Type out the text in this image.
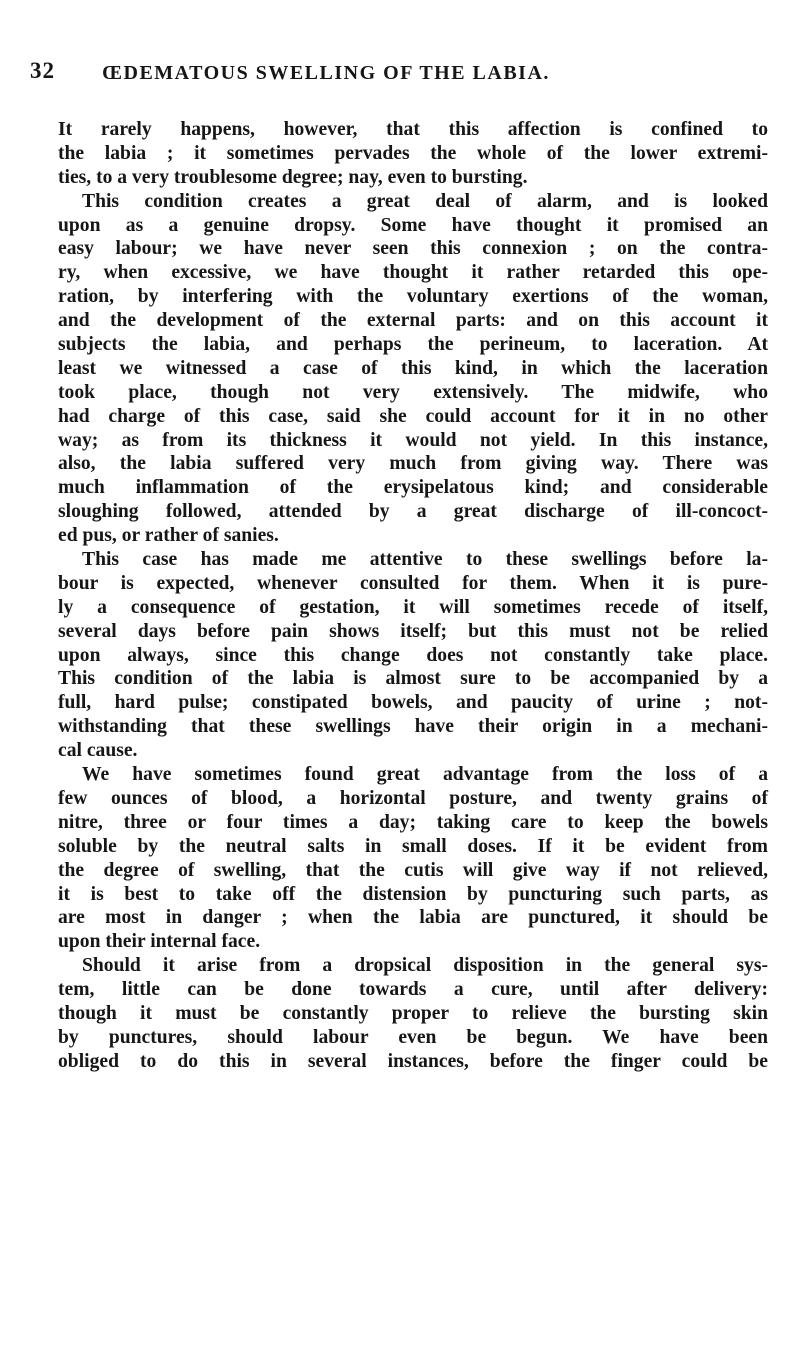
32 ŒDEMATOUS SWELLING OF THE LABIA.
It rarely happens, however, that this affection is confined to
the labia ; it sometimes pervades the whole of the lower extremi-
ties, to a very troublesome degree; nay, even to bursting.
This condition creates a great deal of alarm, and is looked
upon as a genuine dropsy. Some have thought it promised an
easy labour; we have never seen this connexion ; on the contra-
ry, when excessive, we have thought it rather retarded this ope-
ration, by interfering with the voluntary exertions of the woman,
and the development of the external parts: and on this account it
subjects the labia, and perhaps the perineum, to laceration. At
least we witnessed a case of this kind, in which the laceration
took place, though not very extensively. The midwife, who
had charge of this case, said she could account for it in no other
way; as from its thickness it would not yield. In this instance,
also, the labia suffered very much from giving way. There was
much inflammation of the erysipelatous kind; and considerable
sloughing followed, attended by a great discharge of ill-concoct-
ed pus, or rather of sanies.
This case has made me attentive to these swellings before la-
bour is expected, whenever consulted for them. When it is pure-
ly a consequence of gestation, it will sometimes recede of itself,
several days before pain shows itself; but this must not be relied
upon always, since this change does not constantly take place.
This condition of the labia is almost sure to be accompanied by a
full, hard pulse; constipated bowels, and paucity of urine ; not-
withstanding that these swellings have their origin in a mechani-
cal cause.
We have sometimes found great advantage from the loss of a
few ounces of blood, a horizontal posture, and twenty grains of
nitre, three or four times a day; taking care to keep the bowels
soluble by the neutral salts in small doses. If it be evident from
the degree of swelling, that the cutis will give way if not relieved,
it is best to take off the distension by puncturing such parts, as
are most in danger ; when the labia are punctured, it should be
upon their internal face.
Should it arise from a dropsical disposition in the general sys-
tem, little can be done towards a cure, until after delivery:
though it must be constantly proper to relieve the bursting skin
by punctures, should labour even be begun. We have been
obliged to do this in several instances, before the finger could be
